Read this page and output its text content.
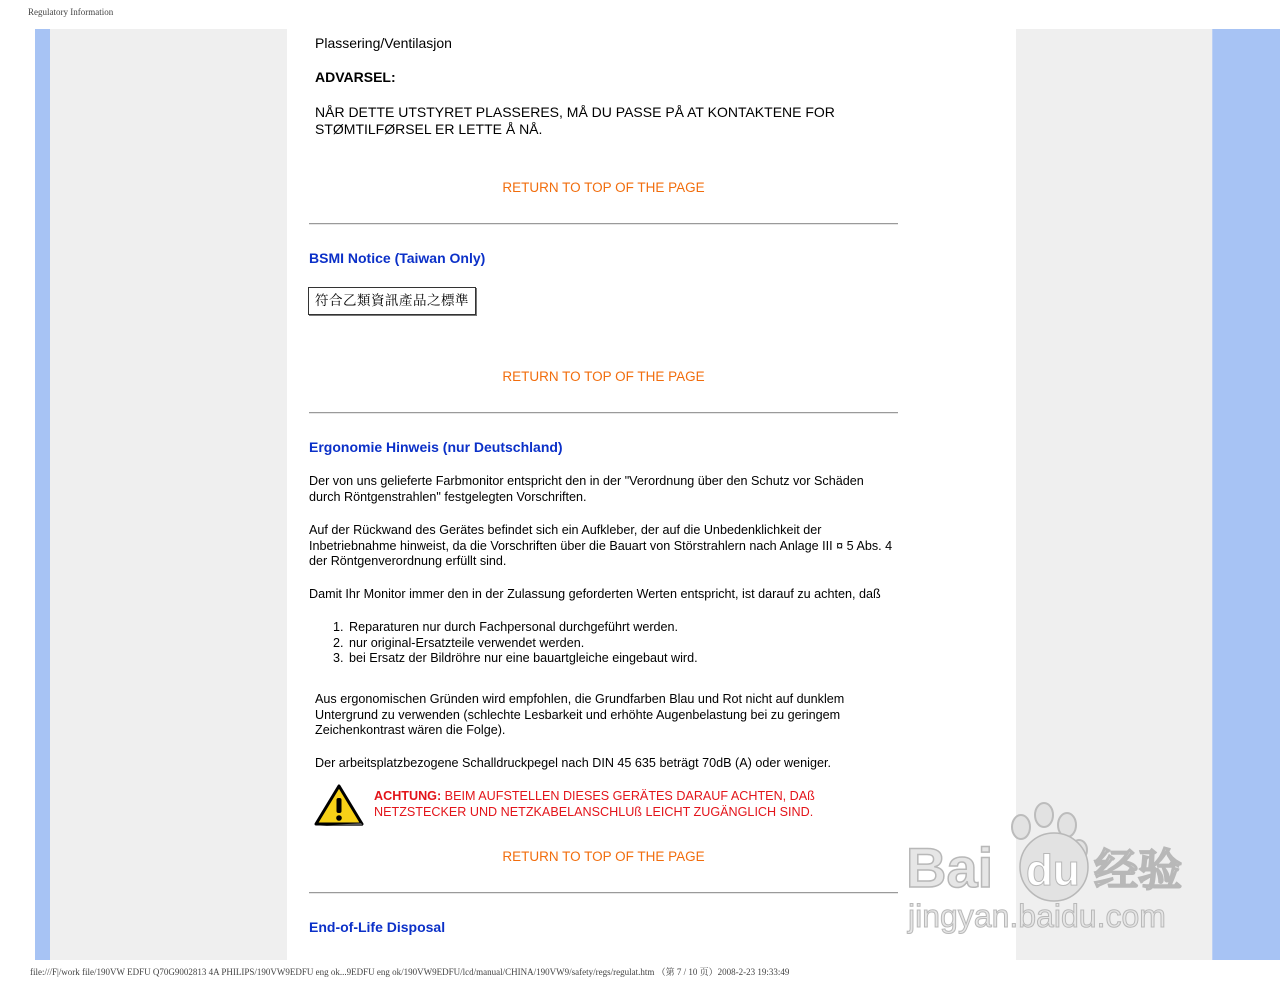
Regulatory Information
Plassering/Ventilasjon
ADVARSEL:
NÅR DETTE UTSTYRET PLASSERES, MÅ DU PASSE PÅ AT KONTAKTENE FOR STØMTILFØRSEL ER LETTE Å NÅ.
RETURN TO TOP OF THE PAGE
BSMI Notice (Taiwan Only)
符合乙類資訊產品之標準
RETURN TO TOP OF THE PAGE
Ergonomie Hinweis (nur Deutschland)
Der von uns gelieferte Farbmonitor entspricht den in der "Verordnung über den Schutz vor Schäden durch Röntgenstrahlen" festgelegten Vorschriften.
Auf der Rückwand des Gerätes befindet sich ein Aufkleber, der auf die Unbedenklichkeit der Inbetriebnahme hinweist, da die Vorschriften über die Bauart von Störstrahlern nach Anlage III ¤ 5 Abs. 4 der Röntgenverordnung erfüllt sind.
Damit Ihr Monitor immer den in der Zulassung geforderten Werten entspricht, ist darauf zu achten, daß
1. Reparaturen nur durch Fachpersonal durchgeführt werden.
2. nur original-Ersatzteile verwendet werden.
3. bei Ersatz der Bildröhre nur eine bauartgleiche eingebaut wird.
Aus ergonomischen Gründen wird empfohlen, die Grundfarben Blau und Rot nicht auf dunklem Untergrund zu verwenden (schlechte Lesbarkeit und erhöhte Augenbelastung bei zu geringem Zeichenkontrast wären die Folge).
Der arbeitsplatzbezogene Schalldruckpegel nach DIN 45 635 beträgt 70dB (A) oder weniger.
ACHTUNG: BEIM AUFSTELLEN DIESES GERÄTES DARAUF ACHTEN, DAß NETZSTECKER UND NETZKABELANSCHLUß LEICHT ZUGÄNGLICH SIND.
RETURN TO TOP OF THE PAGE
End-of-Life Disposal
Bai du 经验
jingyan.baidu.com
file:///F|/work file/190VW EDFU Q70G9002813 4A PHILIPS/190VW9EDFU eng ok...9EDFU eng ok/190VW9EDFU/lcd/manual/CHINA/190VW9/safety/regs/regulat.htm （第 7 / 10 页）2008-2-23 19:33:49
